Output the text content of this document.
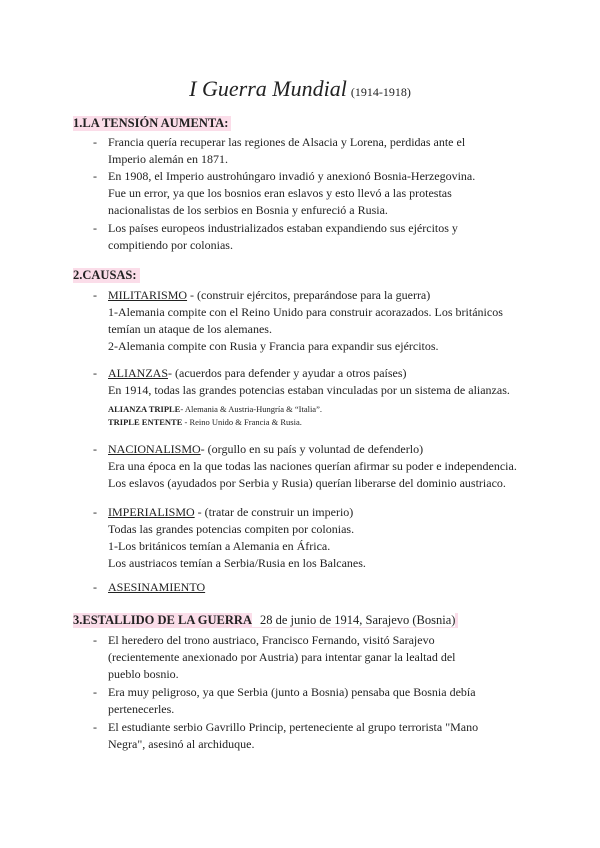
I Guerra Mundial (1914-1918)
1.LA TENSIÓN AUMENTA:
- Francia quería recuperar las regiones de Alsacia y Lorena, perdidas ante el
Imperio alemán en 1871.
- En 1908, el Imperio austrohúngaro invadió y anexionó Bosnia-Herzegovina.
Fue un error, ya que los bosnios eran eslavos y esto llevó a las protestas
nacionalistas de los serbios en Bosnia y enfureció a Rusia.
- Los países europeos industrializados estaban expandiendo sus ejércitos y
compitiendo por colonias.
2.CAUSAS:
- MILITARISMO - (construir ejércitos, preparándose para la guerra)
1-Alemania compite con el Reino Unido para construir acorazados. Los británicos
temían un ataque de los alemanes.
2-Alemania compite con Rusia y Francia para expandir sus ejércitos.
- ALIANZAS- (acuerdos para defender y ayudar a otros países)
En 1914, todas las grandes potencias estaban vinculadas por un sistema de alianzas.
ALIANZA TRIPLE- Alemania & Austria-Hungría & “Italia”.
TRIPLE ENTENTE - Reino Unido & Francia & Rusia.
- NACIONALISMO- (orgullo en su país y voluntad de defenderlo)
Era una época en la que todas las naciones querían afirmar su poder e independencia.
Los eslavos (ayudados por Serbia y Rusia) querían liberarse del dominio austriaco.
- IMPERIALISMO - (tratar de construir un imperio)
Todas las grandes potencias compiten por colonias.
1-Los británicos temían a Alemania en África.
Los austriacos temían a Serbia/Rusia en los Balcanes.
- ASESINAMIENTO
3.ESTALLIDO DE LA GUERRA 28 de junio de 1914, Sarajevo (Bosnia)
- El heredero del trono austriaco, Francisco Fernando, visitó Sarajevo
(recientemente anexionado por Austria) para intentar ganar la lealtad del
pueblo bosnio.
- Era muy peligroso, ya que Serbia (junto a Bosnia) pensaba que Bosnia debía
pertenecerles.
- El estudiante serbio Gavrillo Princip, perteneciente al grupo terrorista "Mano
Negra", asesinó al archiduque.
